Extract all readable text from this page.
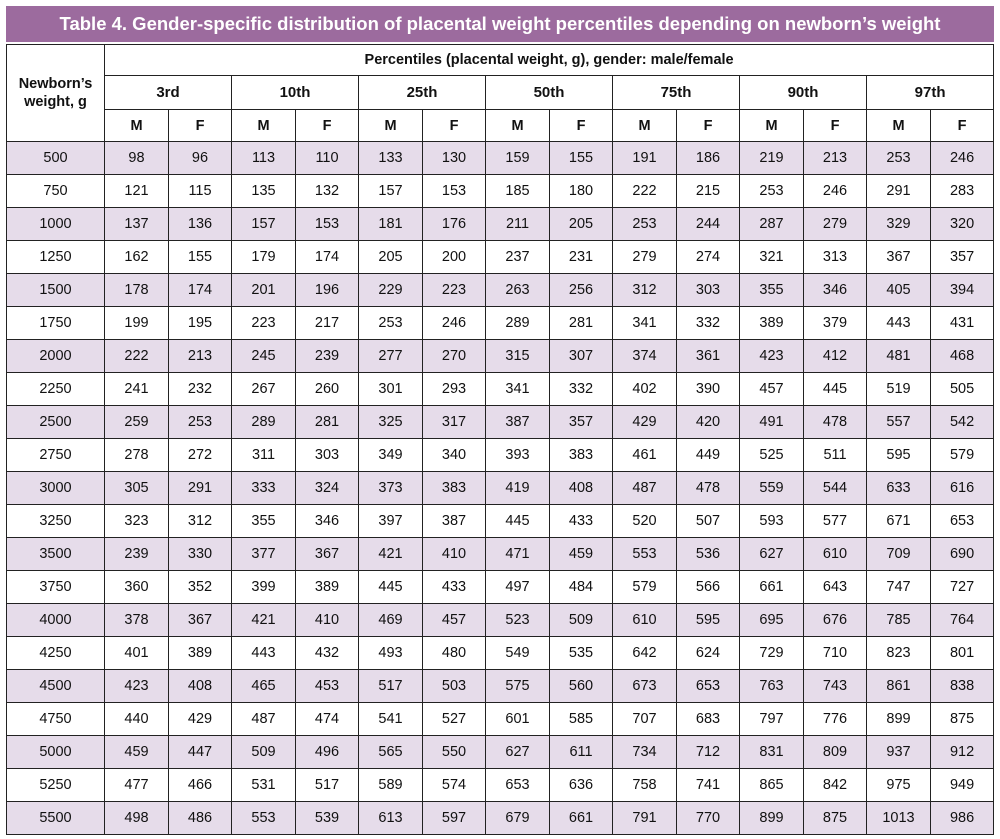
Table 4. Gender-specific distribution of placental weight percentiles depending on newborn’s weight
Newborn’s
weight, g	Percentiles (placental weight, g), gender: male/female													
	3rd		10th		25th		50th		75th		90th		97th	
	M	F	M	F	M	F	M	F	M	F	M	F	M	F
500	98	96	113	110	133	130	159	155	191	186	219	213	253	246
750	121	115	135	132	157	153	185	180	222	215	253	246	291	283
1000	137	136	157	153	181	176	211	205	253	244	287	279	329	320
1250	162	155	179	174	205	200	237	231	279	274	321	313	367	357
1500	178	174	201	196	229	223	263	256	312	303	355	346	405	394
1750	199	195	223	217	253	246	289	281	341	332	389	379	443	431
2000	222	213	245	239	277	270	315	307	374	361	423	412	481	468
2250	241	232	267	260	301	293	341	332	402	390	457	445	519	505
2500	259	253	289	281	325	317	387	357	429	420	491	478	557	542
2750	278	272	311	303	349	340	393	383	461	449	525	511	595	579
3000	305	291	333	324	373	383	419	408	487	478	559	544	633	616
3250	323	312	355	346	397	387	445	433	520	507	593	577	671	653
3500	239	330	377	367	421	410	471	459	553	536	627	610	709	690
3750	360	352	399	389	445	433	497	484	579	566	661	643	747	727
4000	378	367	421	410	469	457	523	509	610	595	695	676	785	764
4250	401	389	443	432	493	480	549	535	642	624	729	710	823	801
4500	423	408	465	453	517	503	575	560	673	653	763	743	861	838
4750	440	429	487	474	541	527	601	585	707	683	797	776	899	875
5000	459	447	509	496	565	550	627	611	734	712	831	809	937	912
5250	477	466	531	517	589	574	653	636	758	741	865	842	975	949
5500	498	486	553	539	613	597	679	661	791	770	899	875	1013	986
